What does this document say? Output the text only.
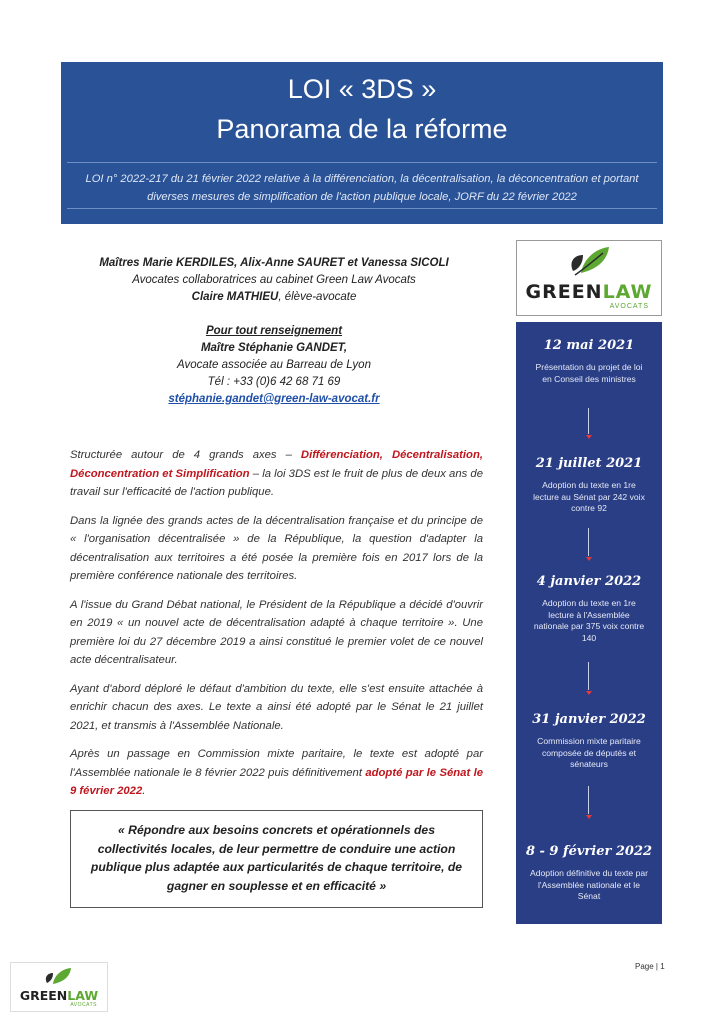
LOI « 3DS »
Panorama de la réforme
LOI n° 2022-217 du 21 février 2022 relative à la différenciation, la décentralisation, la déconcentration et portant diverses mesures de simplification de l'action publique locale, JORF du 22 février 2022
Maîtres Marie KERDILES, Alix-Anne SAURET et Vanessa SICOLI
Avocates collaboratrices au cabinet Green Law Avocats
Claire MATHIEU, élève-avocate
Pour tout renseignement
Maître Stéphanie GANDET,
Avocate associée au Barreau de Lyon
Tél : +33 (0)6 42 68 71 69
stéphanie.gandet@green-law-avocat.fr

Structurée autour de 4 grands axes – Différenciation, Décentralisation, Déconcentration et Simplification – la loi 3DS est le fruit de plus de deux ans de travail sur l'efficacité de l'action publique.

Dans la lignée des grands actes de la décentralisation française et du principe de « l'organisation décentralisée » de la République, la question d'adapter la décentralisation aux territoires a été posée la première fois en 2017 lors de la première conférence nationale des territoires.

A l'issue du Grand Débat national, le Président de la République a décidé d'ouvrir en 2019 « un nouvel acte de décentralisation adapté à chaque territoire ». Une première loi du 27 décembre 2019 a ainsi constitué le premier volet de ce nouvel acte décentralisateur.

Ayant d'abord déploré le défaut d'ambition du texte, elle s'est ensuite attachée à enrichir chacun des axes. Le texte a ainsi été adopté par le Sénat le 21 juillet 2021, et transmis à l'Assemblée Nationale.

Après un passage en Commission mixte paritaire, le texte est adopté par l'Assemblée nationale le 8 février 2022 puis définitivement adopté par le Sénat le 9 février 2022.

« Répondre aux besoins concrets et opérationnels des collectivités locales, de leur permettre de conduire une action publique plus adaptée aux particularités de chaque territoire, de gagner en souplesse et en efficacité »
GREENLAW
AVOCATS
12 mai 2021
Présentation du projet de loi en Conseil des ministres
21 juillet 2021
Adoption du texte en 1re lecture au Sénat par 242 voix contre 92
4 janvier 2022
Adoption du texte en 1re lecture à l'Assemblée nationale par 375 voix contre 140
31 janvier 2022
Commission mixte paritaire composée de députés et sénateurs
8 - 9 février 2022
Adoption définitive du texte par l'Assemblée nationale et le Sénat
GREENLAW
AVOCATS
Page | 1
